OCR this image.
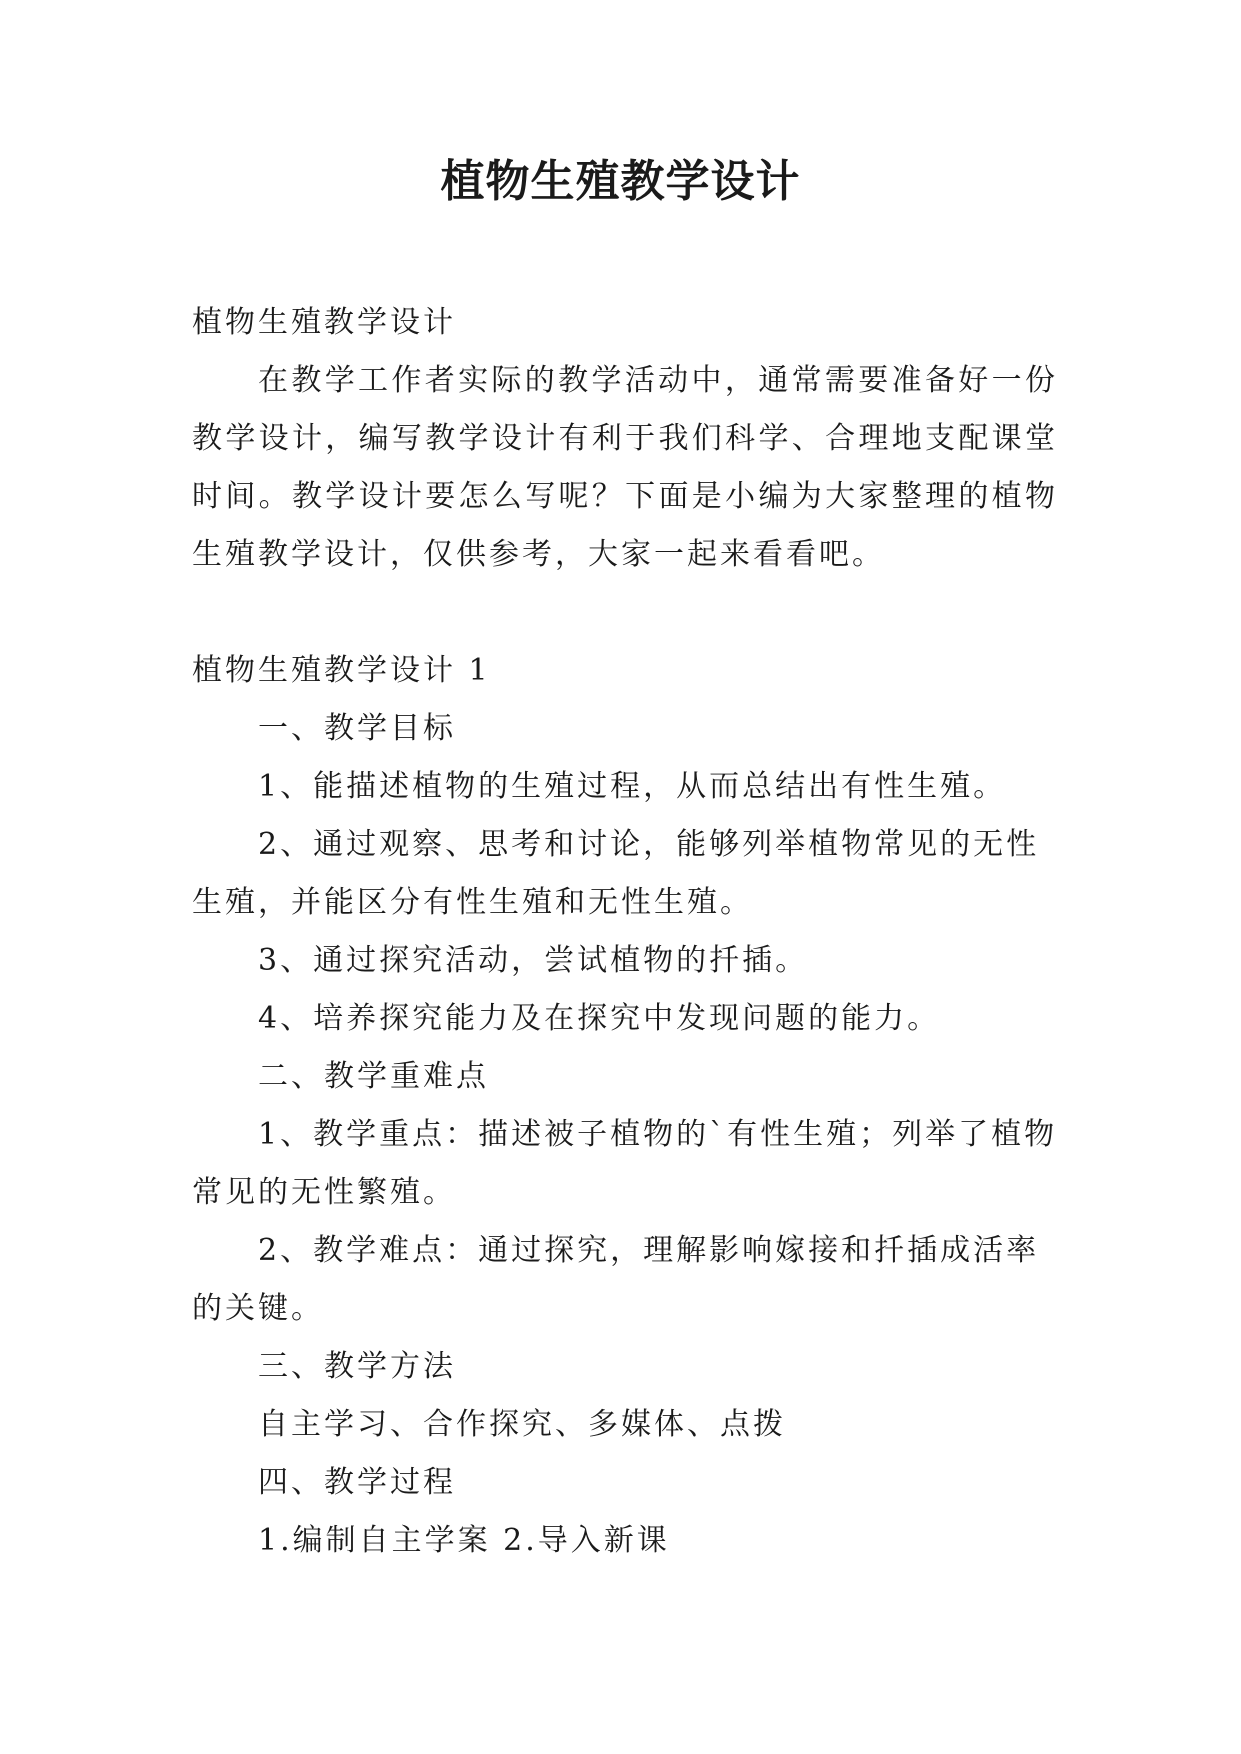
植物生殖教学设计

植物生殖教学设计

在教学工作者实际的教学活动中，通常需要准备好一份教学设计，编写教学设计有利于我们科学、合理地支配课堂时间。教学设计要怎么写呢？下面是小编为大家整理的植物生殖教学设计，仅供参考，大家一起来看看吧。

植物生殖教学设计 1

一、教学目标

1、能描述植物的生殖过程，从而总结出有性生殖。

2、通过观察、思考和讨论，能够列举植物常见的无性生殖，并能区分有性生殖和无性生殖。

3、通过探究活动，尝试植物的扦插。

4、培养探究能力及在探究中发现问题的能力。

二、教学重难点

1、教学重点：描述被子植物的`有性生殖；列举了植物常见的无性繁殖。

2、教学难点：通过探究，理解影响嫁接和扦插成活率的关键。

三、教学方法

自主学习、合作探究、多媒体、点拨

四、教学过程

1.编制自主学案 2.导入新课
